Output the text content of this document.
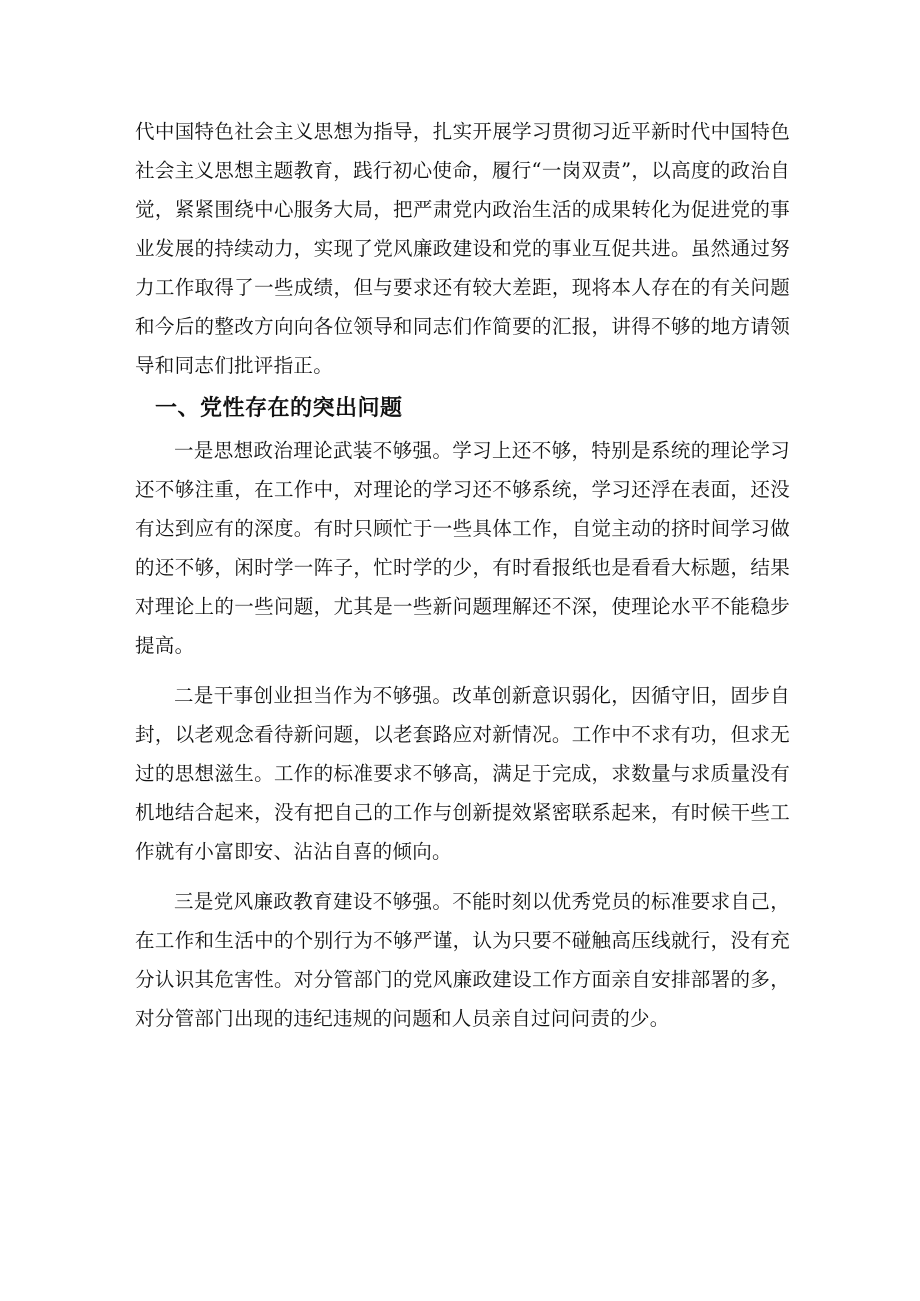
代中国特色社会主义思想为指导，扎实开展学习贯彻习近平新时代中国特色社会主义思想主题教育，践行初心使命，履行“一岗双责”，以高度的政治自觉，紧紧围绕中心服务大局，把严肃党内政治生活的成果转化为促进党的事业发展的持续动力，实现了党风廉政建设和党的事业互促共进。虽然通过努力工作取得了一些成绩，但与要求还有较大差距，现将本人存在的有关问题和今后的整改方向向各位领导和同志们作简要的汇报，讲得不够的地方请领导和同志们批评指正。

一、党性存在的突出问题

一是思想政治理论武装不够强。学习上还不够，特别是系统的理论学习还不够注重，在工作中，对理论的学习还不够系统，学习还浮在表面，还没有达到应有的深度。有时只顾忙于一些具体工作，自觉主动的挤时间学习做的还不够，闲时学一阵子，忙时学的少，有时看报纸也是看看大标题，结果对理论上的一些问题，尤其是一些新问题理解还不深，使理论水平不能稳步提高。

二是干事创业担当作为不够强。改革创新意识弱化，因循守旧，固步自封，以老观念看待新问题，以老套路应对新情况。工作中不求有功，但求无过的思想滋生。工作的标准要求不够高，满足于完成，求数量与求质量没有机地结合起来，没有把自己的工作与创新提效紧密联系起来，有时候干些工作就有小富即安、沾沾自喜的倾向。

三是党风廉政教育建设不够强。不能时刻以优秀党员的标准要求自己，在工作和生活中的个别行为不够严谨，认为只要不碰触高压线就行，没有充分认识其危害性。对分管部门的党风廉政建设工作方面亲自安排部署的多，对分管部门出现的违纪违规的问题和人员亲自过问问责的少。
